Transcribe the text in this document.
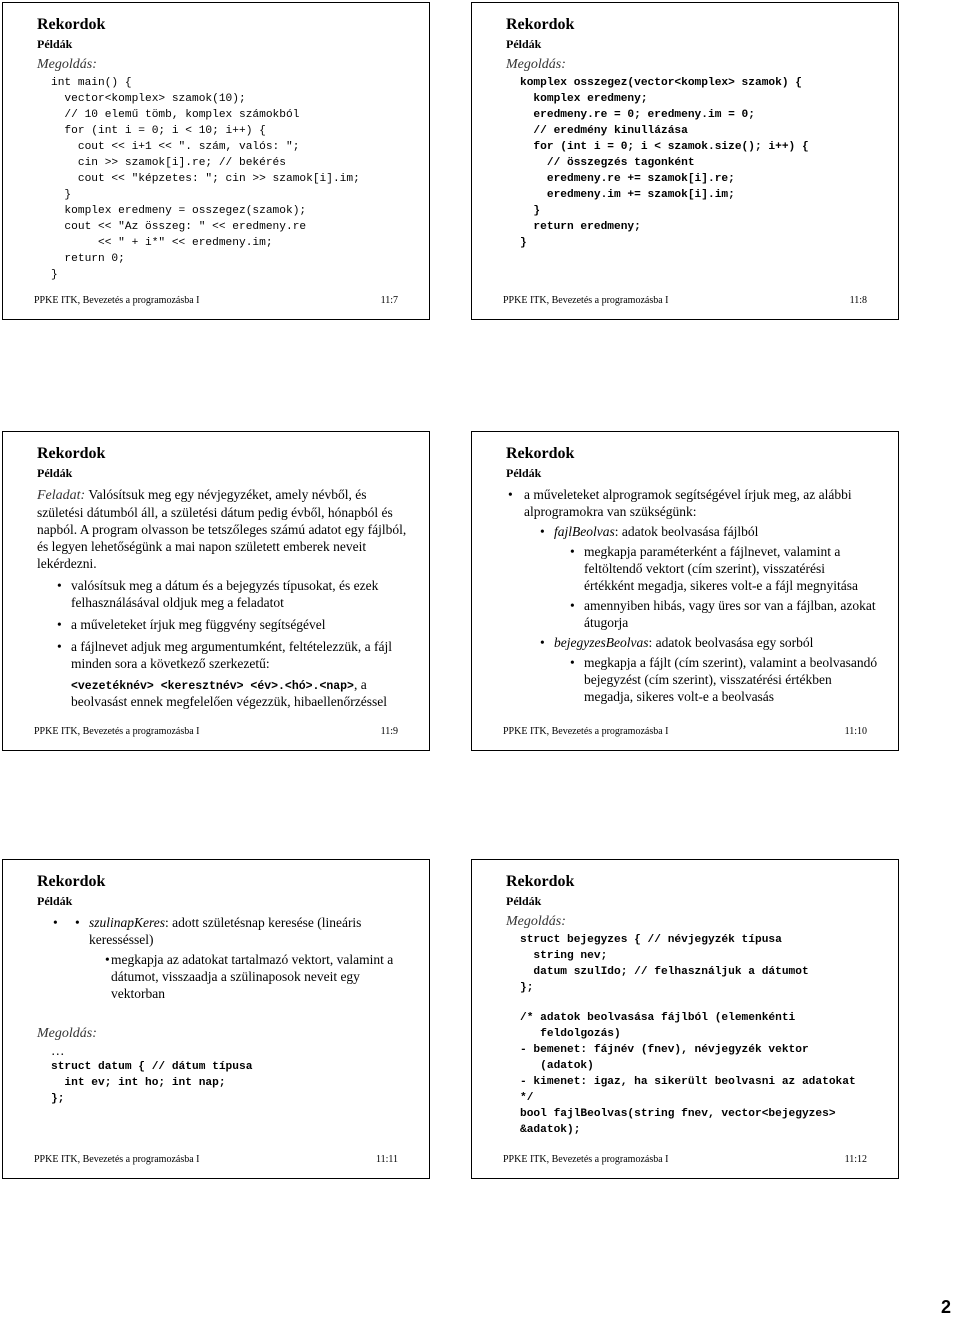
Rekordok
Példák
Megoldás:
int main() {
vector<komplex> szamok(10);
// 10 elemű tömb, komplex számokból
for (int i = 0; i < 10; i++) {
cout << i+1 << ". szám, valós: ";
cin >> szamok[i].re; // bekérés
cout << "képzetes: "; cin >> szamok[i].im;
}
komplex eredmeny = osszegez(szamok);
cout << "Az összeg: " << eredmeny.re
<< " + i*" << eredmeny.im;
return 0;
}
PPKE ITK, Bevezetés a programozásba I	11:7
Rekordok
Példák
Megoldás:
komplex osszegez(vector<komplex> szamok) {
komplex eredmeny;
eredmeny.re = 0; eredmeny.im = 0;
// eredmény kinullázása
for (int i = 0; i < szamok.size(); i++) {
// összegzés tagonként
eredmeny.re += szamok[i].re;
eredmeny.im += szamok[i].im;
}
return eredmeny;
}
PPKE ITK, Bevezetés a programozásba I	11:8
Rekordok
Példák
Feladat: Valósítsuk meg egy névjegyzéket, amely névből, és születési dátumból áll, a születési dátum pedig évből, hónapból és napból. A program olvasson be tetszőleges számú adatot egy fájlból, és legyen lehetőségünk a mai napon született emberek neveit lekérdezni.
• valósítsuk meg a dátum és a bejegyzés típusokat, és ezek felhasználásával oldjuk meg a feladatot
• a műveleteket írjuk meg függvény segítségével
• a fájlnevet adjuk meg argumentumként, feltételezzük, a fájl minden sora a következő szerkezetű:
<vezetéknév> <keresztnév> <év>.<hó>.<nap>, a
beolvasást ennek megfelelően végezzük, hibaellenőrzéssel
PPKE ITK, Bevezetés a programozásba I	11:9
Rekordok
Példák
• a műveleteket alprogramok segítségével írjuk meg, az alábbi alprogramokra van szükségünk:
• fajlBeolvas: adatok beolvasása fájlból
• megkapja paraméterként a fájlnevet, valamint a feltöltendő vektort (cím szerint), visszatérési értékként megadja, sikeres volt-e a fájl megnyitása
• amennyiben hibás, vagy üres sor van a fájlban, azokat átugorja
• bejegyzesBeolvas: adatok beolvasása egy sorból
• megkapja a fájlt (cím szerint), valamint a beolvasandó bejegyzést (cím szerint), visszatérési értékben megadja, sikeres volt-e a beolvasás
PPKE ITK, Bevezetés a programozásba I	11:10
Rekordok
Példák
• • szulinapKeres: adott születésnap keresése (lineáris keresséssel)
• megkapja az adatokat tartalmazó vektort, valamint a dátumot, visszaadja a szülinaposok neveit egy vektorban
Megoldás:
…
struct datum { // dátum típusa
int ev; int ho; int nap;
};
PPKE ITK, Bevezetés a programozásba I	11:11
Rekordok
Példák
Megoldás:
struct bejegyzes { // névjegyzék típusa
string nev;
datum szulIdo; // felhasználjuk a dátumot
};
/* adatok beolvasása fájlból (elemenkénti
feldolgozás)
- bemenet: fájnév (fnev), névjegyzék vektor
(adatok)
- kimenet: igaz, ha sikerült beolvasni az adatokat
*/
bool fajlBeolvas(string fnev, vector<bejegyzes>
&adatok);
PPKE ITK, Bevezetés a programozásba I	11:12
2
